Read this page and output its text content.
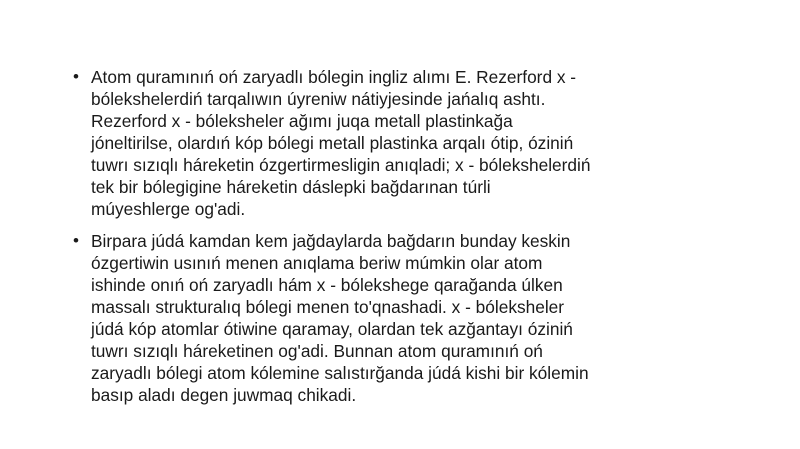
• Atom quramınıń oń zaryadlı bólegin ingliz alımı E. Rezerford x -
bólekshelerdiń tarqalıwın úyreniw nátiyjesinde jańalıq ashtı.
Rezerford x - bóleksheler ağımı juqa metall plastinkağa
jóneltirilse, olardıń kóp bólegi metall plastinka arqalı ótip, óziniń
tuwrı sızıqlı háreketin ózgertirmesligin anıqladi; x - bólekshelerdiń
tek bir bólegigine háreketin dáslepki bağdarınan túrli
múyeshlerge og'adi.
• Birpara júdá kamdan kem jağdaylarda bağdarın bunday keskin
ózgertiwin usınıń menen anıqlama beriw múmkin olar atom
ishinde onıń oń zaryadlı hám x - bólekshege qarağanda úlken
massalı strukturalıq bólegi menen to'qnashadi. x - bóleksheler
júdá kóp atomlar ótiwine qaramay, olardan tek azğantayı óziniń
tuwrı sızıqlı háreketinen og'adi. Bunnan atom quramınıń oń
zaryadlı bólegi atom kólemine salıstırğanda júdá kishi bir kólemin
basıp aladı degen juwmaq chikadi.
